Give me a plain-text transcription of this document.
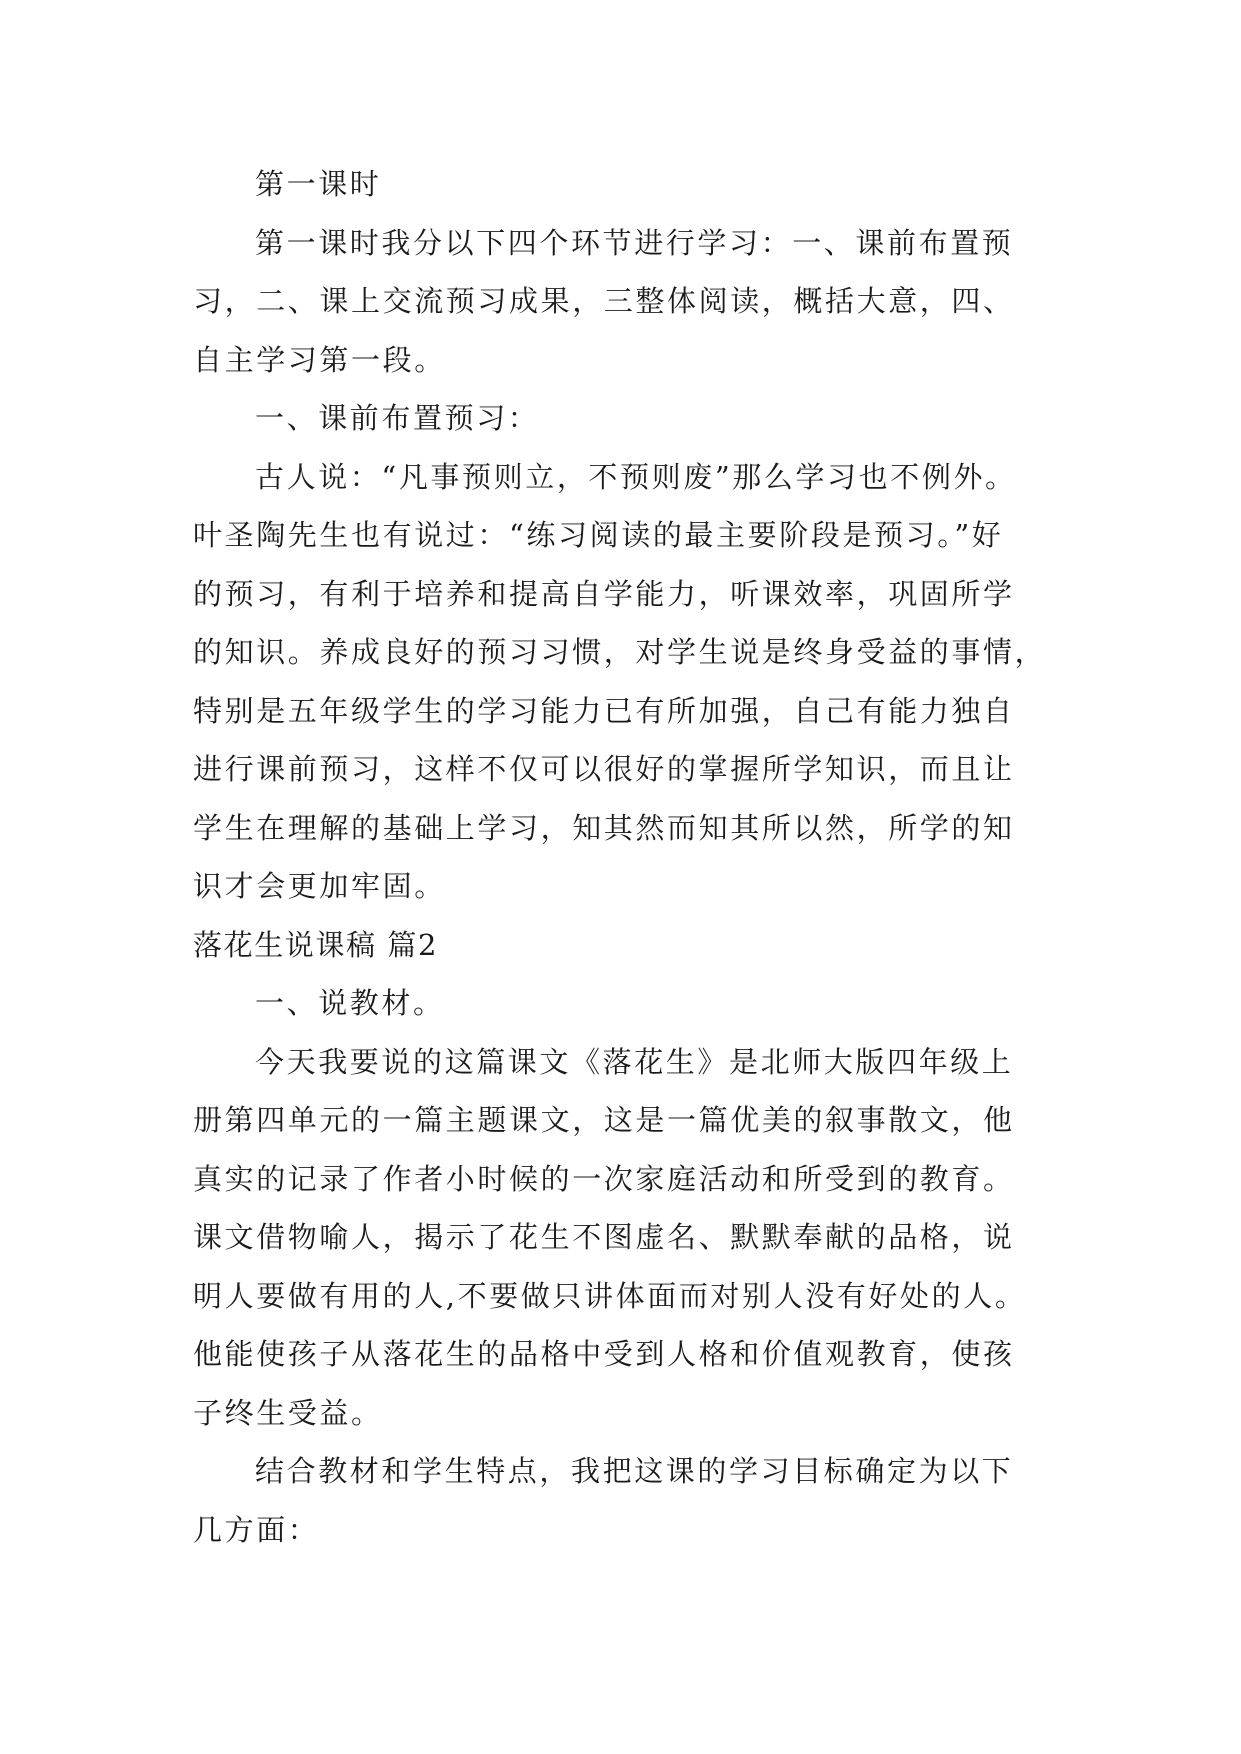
第一课时
第一课时我分以下四个环节进行学习：一、课前布置预
习，二、课上交流预习成果，三整体阅读，概括大意，四、
自主学习第一段。
一、课前布置预习：
古人说：“凡事预则立，不预则废”那么学习也不例外。
叶圣陶先生也有说过：“练习阅读的最主要阶段是预习。”好
的预习，有利于培养和提高自学能力，听课效率，巩固所学
的知识。养成良好的预习习惯，对学生说是终身受益的事情，
特别是五年级学生的学习能力已有所加强，自己有能力独自
进行课前预习，这样不仅可以很好的掌握所学知识，而且让
学生在理解的基础上学习，知其然而知其所以然，所学的知
识才会更加牢固。
落花生说课稿 篇2
一、说教材。
今天我要说的这篇课文《落花生》是北师大版四年级上
册第四单元的一篇主题课文，这是一篇优美的叙事散文，他
真实的记录了作者小时候的一次家庭活动和所受到的教育。
课文借物喻人，揭示了花生不图虚名、默默奉献的品格，说
明人要做有用的人,不要做只讲体面而对别人没有好处的人。
他能使孩子从落花生的品格中受到人格和价值观教育，使孩
子终生受益。
结合教材和学生特点，我把这课的学习目标确定为以下
几方面：
